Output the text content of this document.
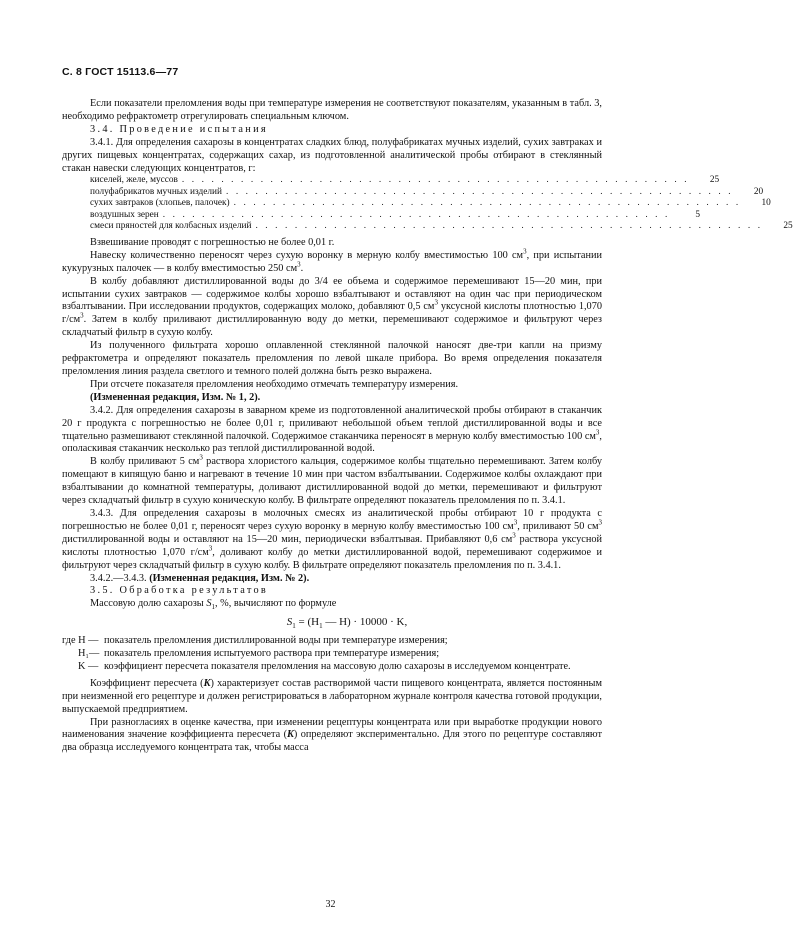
С. 8 ГОСТ 15113.6—77

Если показатели преломления воды при температуре измерения не соответствуют показателям, указанным в табл. 3, необходимо рефрактометр отрегулировать специальным ключом.

3.4. Проведение испытания

3.4.1. Для определения сахарозы в концентратах сладких блюд, полуфабрикатах мучных изделий, сухих завтраках и других пищевых концентратах, содержащих сахар, из подготовленной аналитической пробы отбирают в стеклянный стакан навески следующих концентратов, г:

киселей, желе, муссов . . . . . . . . . . . . . . . . . . . . . . . . . . . . . . . . . . . . . . . . . . . . . . . . . . . .	25
полуфабрикатов мучных изделий . . . . . . . . . . . . . . . . . . . . . . . . . . . . . . . . . . . . . . . . . . . . . . . . . . . .	20
сухих завтраков (хлопьев, палочек) . . . . . . . . . . . . . . . . . . . . . . . . . . . . . . . . . . . . . . . . . . . . . . . . . . . .	10
воздушных зерен . . . . . . . . . . . . . . . . . . . . . . . . . . . . . . . . . . . . . . . . . . . . . . . . . . . .	5
смеси пряностей для колбасных изделий . . . . . . . . . . . . . . . . . . . . . . . . . . . . . . . . . . . . . . . . . . . . . . . . . . . .	25

Взвешивание проводят с погрешностью не более 0,01 г.

Навеску количественно переносят через сухую воронку в мерную колбу вместимостью 100 $см^3$, при испытании кукурузных палочек — в колбу вместимостью 250 $см^3$.

В колбу добавляют дистиллированной воды до 3/4 ее объема и содержимое перемешивают 15—20 мин, при испытании сухих завтраков — содержимое колбы хорошо взбалтывают и оставляют на один час при периодическом взбалтывании. При исследовании продуктов, содержащих молоко, добавляют 0,5 $см^3$ уксусной кислоты плотностью 1,070 $г/см^3$. Затем в колбу приливают дистиллированную воду до метки, перемешивают содержимое и фильтруют через складчатый фильтр в сухую колбу.

Из полученного фильтрата хорошо оплавленной стеклянной палочкой наносят две-три капли на призму рефрактометра и определяют показатель преломления по левой шкале прибора. Во время определения показателя преломления линия раздела светлого и темного полей должна быть резко выражена.

При отсчете показателя преломления необходимо отмечать температуру измерения.

(Измененная редакция, Изм. № 1, 2).

3.4.2. Для определения сахарозы в заварном креме из подготовленной аналитической пробы отбирают в стаканчик 20 г продукта с погрешностью не более 0,01 г, приливают небольшой объем теплой дистиллированной воды и все тщательно размешивают стеклянной палочкой. Содержимое стаканчика переносят в мерную колбу вместимостью 100 $см^3$, ополаскивая стаканчик несколько раз теплой дистиллированной водой.

В колбу приливают 5 $см^3$ раствора хлористого кальция, содержимое колбы тщательно перемешивают. Затем колбу помещают в кипящую баню и нагревают в течение 10 мин при частом взбалтывании. Содержимое колбы охлаждают при взбалтывании до комнатной температуры, доливают дистиллированной водой до метки, перемешивают и фильтруют через складчатый фильтр в сухую коническую колбу. В фильтрате определяют показатель преломления по п. 3.4.1.

3.4.3. Для определения сахарозы в молочных смесях из аналитической пробы отбирают 10 г продукта с погрешностью не более 0,01 г, переносят через сухую воронку в мерную колбу вместимостью 100 $см^3$, приливают 50 $см^3$ дистиллированной воды и оставляют на 15—20 мин, периодически взбалтывая. Прибавляют 0,6 $см^3$ раствора уксусной кислоты плотностью 1,070 $г/см^3$, доливают колбу до метки дистиллированной водой, перемешивают содержимое и фильтруют через складчатый фильтр в сухую колбу. В фильтрате определяют показатель преломления по п. 3.4.1.

3.4.2.—3.4.3. (Измененная редакция, Изм. № 2).

3.5. Обработка результатов

Массовую долю сахарозы $S_1$, %, вычисляют по формуле

$S_1 = (H_1$ — H) · 10000 · K,
где H — показатель преломления дистиллированной воды при температуре измерения;
H₁— показатель преломления испытуемого раствора при температуре измерения;
K — коэффициент пересчета показателя преломления на массовую долю сахарозы в исследуемом концентрате.

Коэффициент пересчета (K) характеризует состав растворимой части пищевого концентрата, является постоянным при неизменной его рецептуре и должен регистрироваться в лабораторном журнале контроля качества готовой продукции, выпускаемой предприятием.

При разногласиях в оценке качества, при изменении рецептуры концентрата или при выработке продукции нового наименования значение коэффициента пересчета (K) определяют экспериментально. Для этого по рецептуре составляют два образца исследуемого концентрата так, чтобы масса

32
